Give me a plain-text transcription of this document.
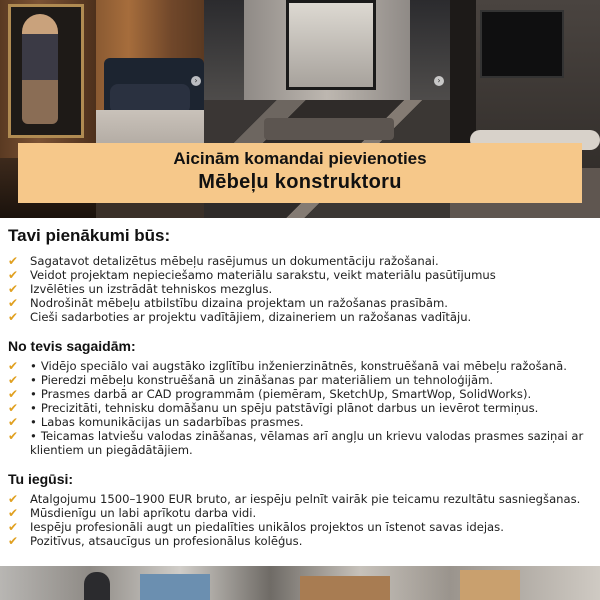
›	›
Aicinām komandai pievienoties
Mēbeļu konstruktoru
Tavi pienākumi būs:
✔ Sagatavot detalizētus mēbeļu rasējumus un dokumentāciju ražošanai.
✔ Veidot projektam nepieciešamo materiālu sarakstu, veikt materiālu pasūtījumus
✔ Izvēlēties un izstrādāt tehniskos mezglus.
✔ Nodrošināt mēbeļu atbilstību dizaina projektam un ražošanas prasībām.
✔ Cieši sadarboties ar projektu vadītājiem, dizaineriem un ražošanas vadītāju.
No tevis sagaidām:
✔ • Vidējo speciālo vai augstāko izglītību inženierzinātnēs, konstruēšanā vai mēbeļu ražošanā.
✔ • Pieredzi mēbeļu konstruēšanā un zināšanas par materiāliem un tehnoloģijām.
✔ • Prasmes darbā ar CAD programmām (piemēram, SketchUp, SmartWop, SolidWorks).
✔ • Precizitāti, tehnisku domāšanu un spēju patstāvīgi plānot darbus un ievērot termiņus.
✔ • Labas komunikācijas un sadarbības prasmes.
✔ • Teicamas latviešu valodas zināšanas, vēlamas arī angļu un krievu valodas prasmes saziņai ar klientiem un piegādātājiem.
Tu iegūsi:
✔ Atalgojumu 1500–1900 EUR bruto, ar iespēju pelnīt vairāk pie teicamu rezultātu sasniegšanas.
✔ Mūsdienīgu un labi aprīkotu darba vidi.
✔ Iespēju profesionāli augt un piedalīties unikālos projektos un īstenot savas idejas.
✔ Pozitīvus, atsaucīgus un profesionālus kolēģus.
